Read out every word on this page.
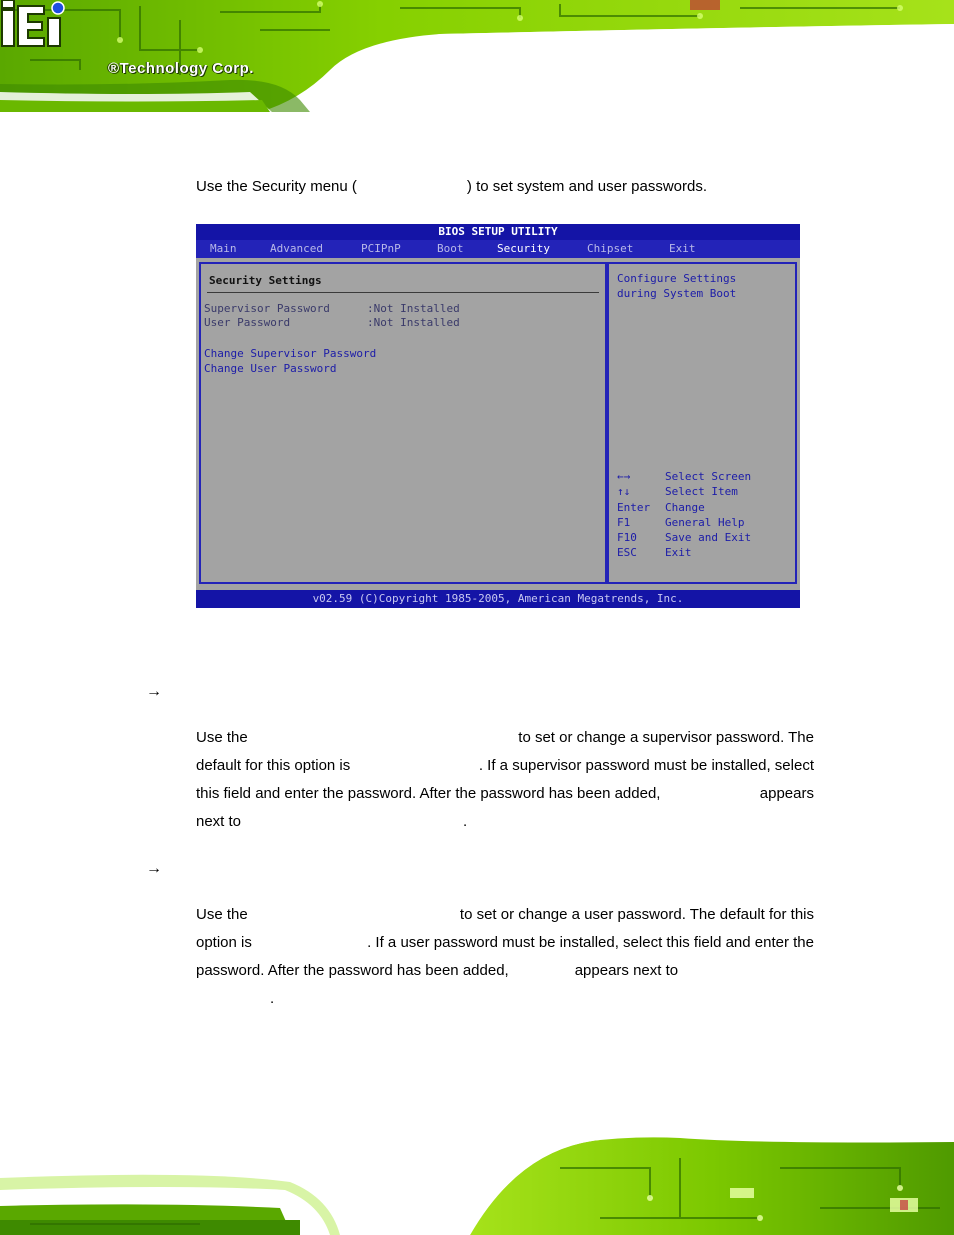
®Technology Corp.
Use the Security menu (	) to set system and user passwords.
BIOS SETUP UTILITY
Main	Advanced	PCIPnP	Boot	Security	Chipset	Exit
Security Settings
Supervisor Password	:Not Installed
User Password	:Not Installed
Change Supervisor Password
Change User Password
Configure Settings
during System Boot
←→	Select Screen
↑↓	Select Item
Enter Change
F1	General Help
F10	Save and Exit
ESC	Exit
v02.59 (C)Copyright 1985-2005, American Megatrends, Inc.
→
Use the	to set or change a supervisor password. The
default for this option is	. If a supervisor password must be installed, select
this field and enter the password. After the password has been added,	appears
next to	.
→
Use the	to set or change a user password. The default for this
option is	. If a user password must be installed, select this field and enter the
password. After the password has been added,	appears next to
.
